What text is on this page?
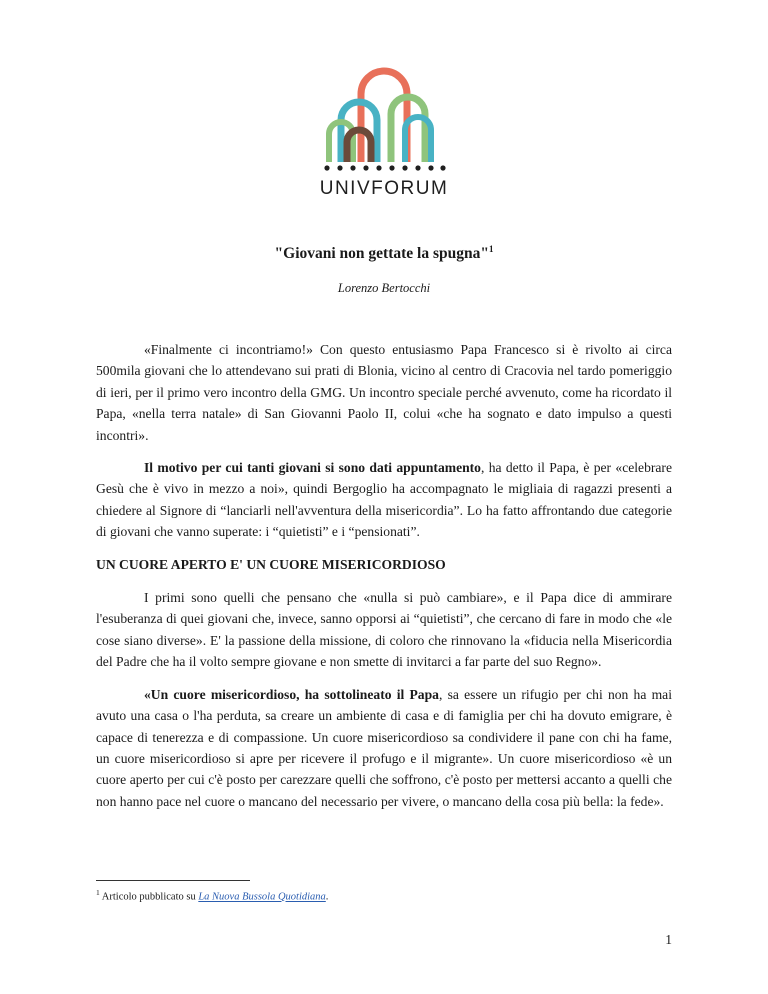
UNIVFORUM
"Giovani non gettate la spugna"$^1$
Lorenzo Bertocchi

«Finalmente ci incontriamo!» Con questo entusiasmo Papa Francesco si è rivolto ai circa 500mila giovani che lo attendevano sui prati di Blonia, vicino al centro di Cracovia nel tardo pomeriggio di ieri, per il primo vero incontro della GMG. Un incontro speciale perché avvenuto, come ha ricordato il Papa, «nella terra natale» di San Giovanni Paolo II, colui «che ha sognato e dato impulso a questi incontri».

Il motivo per cui tanti giovani si sono dati appuntamento, ha detto il Papa, è per «celebrare Gesù che è vivo in mezzo a noi», quindi Bergoglio ha accompagnato le migliaia di ragazzi presenti a chiedere al Signore di “lanciarli nell'avventura della misericordia”. Lo ha fatto affrontando due categorie di giovani che vanno superate: i “quietisti” e i “pensionati”.

UN CUORE APERTO E' UN CUORE MISERICORDIOSO

I primi sono quelli che pensano che «nulla si può cambiare», e il Papa dice di ammirare l'esuberanza di quei giovani che, invece, sanno opporsi ai “quietisti”, che cercano di fare in modo che «le cose siano diverse». E' la passione della missione, di coloro che rinnovano la «fiducia nella Misericordia del Padre che ha il volto sempre giovane e non smette di invitarci a far parte del suo Regno».

«Un cuore misericordioso, ha sottolineato il Papa, sa essere un rifugio per chi non ha mai avuto una casa o l'ha perduta, sa creare un ambiente di casa e di famiglia per chi ha dovuto emigrare, è capace di tenerezza e di compassione. Un cuore misericordioso sa condividere il pane con chi ha fame, un cuore misericordioso si apre per ricevere il profugo e il migrante». Un cuore misericordioso «è un cuore aperto per cui c'è posto per carezzare quelli che soffrono, c'è posto per mettersi accanto a quelli che non hanno pace nel cuore o mancano del necessario per vivere, o mancano della cosa più bella: la fede».

$^1$ Articolo pubblicato su La Nuova Bussola Quotidiana.
1
